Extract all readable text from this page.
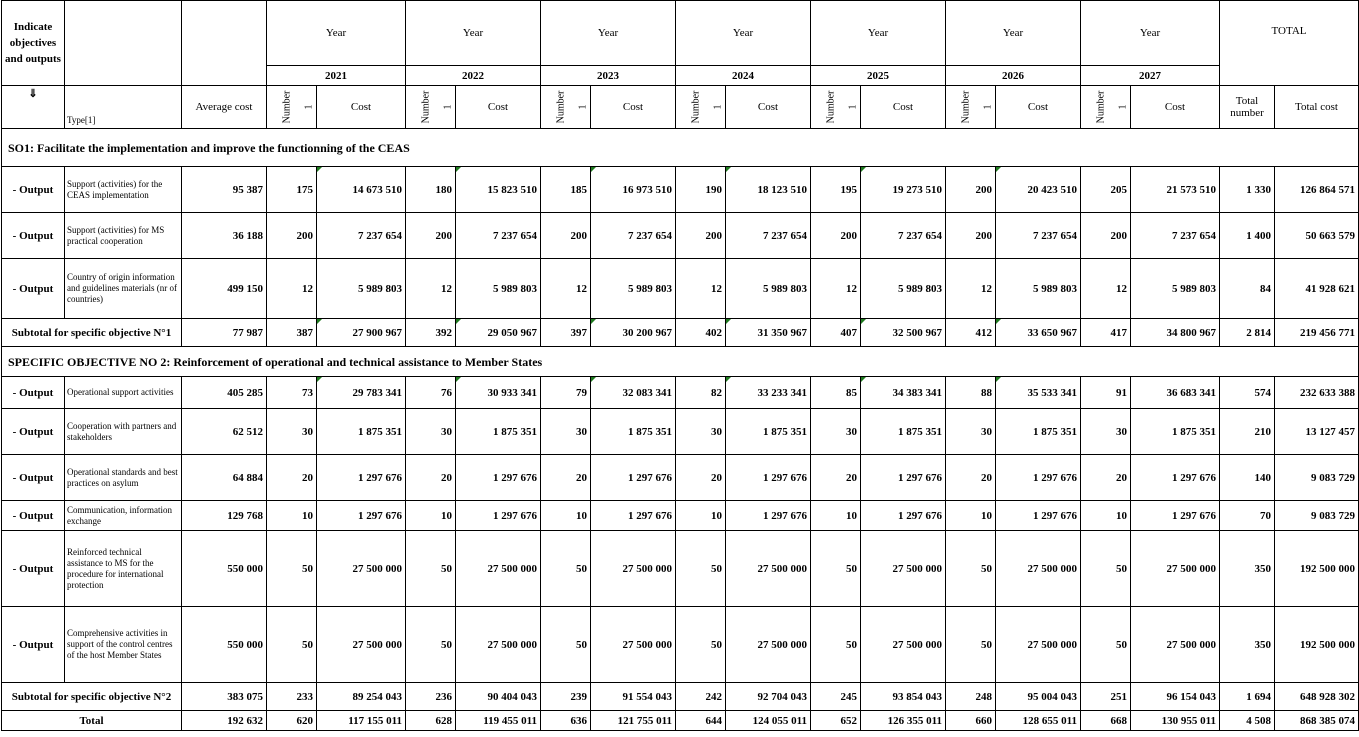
Indicate objectives and outputs			Year		Year		Year		Year		Year		Year		Year		TOTAL	
			2021		2022		2023		2024		2025		2026		2027			
⇓	Type[1]	Average cost	Number 1	Cost	Number 1	Cost	Number 1	Cost	Number 1	Cost	Number 1	Cost	Number 1	Cost	Number 1	Cost	Total number	Total cost
SO1: Facilitate the implementation and improve the functionning of the CEAS																		
- Output	Support (activities) for the CEAS implementation	95 387	175	14 673 510	180	15 823 510	185	16 973 510	190	18 123 510	195	19 273 510	200	20 423 510	205	21 573 510	1 330	126 864 571
- Output	Support (activities) for MS practical cooperation	36 188	200	7 237 654	200	7 237 654	200	7 237 654	200	7 237 654	200	7 237 654	200	7 237 654	200	7 237 654	1 400	50 663 579
- Output	Country of origin information and guidelines materials (nr of countries)	499 150	12	5 989 803	12	5 989 803	12	5 989 803	12	5 989 803	12	5 989 803	12	5 989 803	12	5 989 803	84	41 928 621
Subtotal for specific objective N°1		77 987	387	27 900 967	392	29 050 967	397	30 200 967	402	31 350 967	407	32 500 967	412	33 650 967	417	34 800 967	2 814	219 456 771
SPECIFIC OBJECTIVE NO 2: Reinforcement of operational and technical assistance to Member States																		
- Output	Operational support activities	405 285	73	29 783 341	76	30 933 341	79	32 083 341	82	33 233 341	85	34 383 341	88	35 533 341	91	36 683 341	574	232 633 388
- Output	Cooperation with partners and stakeholders	62 512	30	1 875 351	30	1 875 351	30	1 875 351	30	1 875 351	30	1 875 351	30	1 875 351	30	1 875 351	210	13 127 457
- Output	Operational standards and best practices on asylum	64 884	20	1 297 676	20	1 297 676	20	1 297 676	20	1 297 676	20	1 297 676	20	1 297 676	20	1 297 676	140	9 083 729
- Output	Communication, information exchange	129 768	10	1 297 676	10	1 297 676	10	1 297 676	10	1 297 676	10	1 297 676	10	1 297 676	10	1 297 676	70	9 083 729
- Output	Reinforced technical assistance to MS for the procedure for international protection	550 000	50	27 500 000	50	27 500 000	50	27 500 000	50	27 500 000	50	27 500 000	50	27 500 000	50	27 500 000	350	192 500 000
- Output	Comprehensive activities in support of the control centres of the host Member States	550 000	50	27 500 000	50	27 500 000	50	27 500 000	50	27 500 000	50	27 500 000	50	27 500 000	50	27 500 000	350	192 500 000
Subtotal for specific objective N°2		383 075	233	89 254 043	236	90 404 043	239	91 554 043	242	92 704 043	245	93 854 043	248	95 004 043	251	96 154 043	1 694	648 928 302
Total		192 632	620	117 155 011	628	119 455 011	636	121 755 011	644	124 055 011	652	126 355 011	660	128 655 011	668	130 955 011	4 508	868 385 074
